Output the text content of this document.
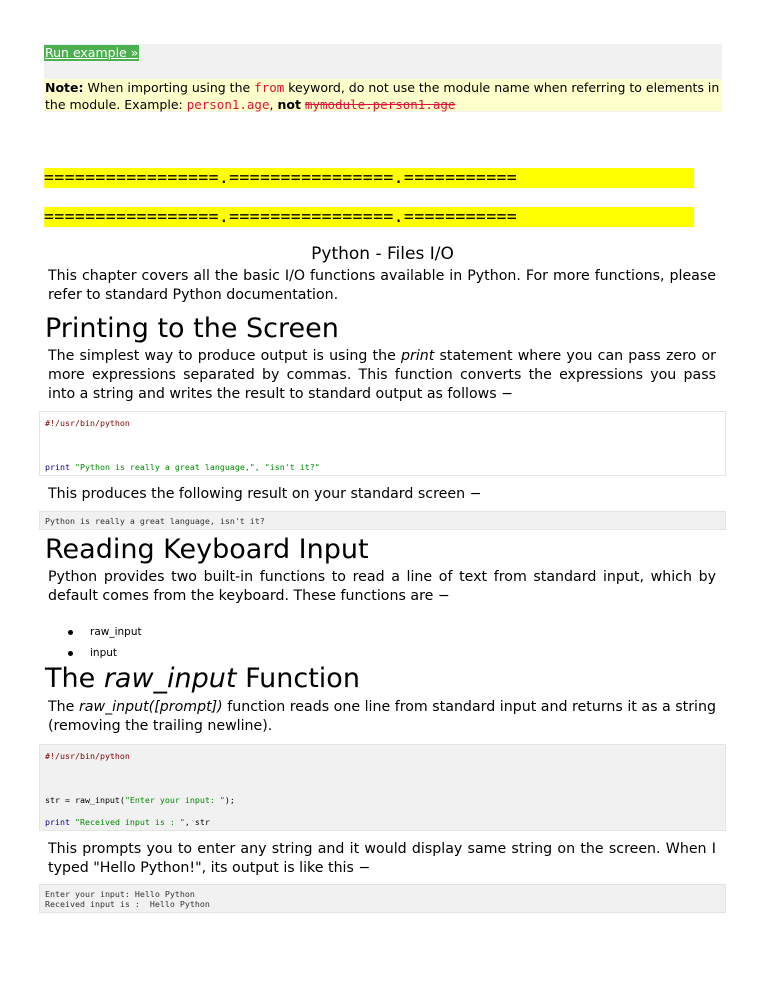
Run example »
Note: When importing using the from keyword, do not use the module name when referring to elements in the module. Example: person1.age, not mymodule.person1.age
=================.================.===========
=================.================.===========
Python - Files I/O
This chapter covers all the basic I/O functions available in Python. For more functions, please refer to standard Python documentation.
Printing to the Screen
The simplest way to produce output is using the print statement where you can pass zero or more expressions separated by commas. This function converts the expressions you pass into a string and writes the result to standard output as follows −
#!/usr/bin/python
print "Python is really a great language,", "isn't it?"
This produces the following result on your standard screen −
Python is really a great language, isn't it?
Reading Keyboard Input
Python provides two built-in functions to read a line of text from standard input, which by default comes from the keyboard. These functions are −
raw_input
input
The raw_input Function
The raw_input([prompt]) function reads one line from standard input and returns it as a string (removing the trailing newline).
#!/usr/bin/python
str = raw_input("Enter your input: ");
print "Received input is : ", str
This prompts you to enter any string and it would display same string on the screen. When I typed "Hello Python!", its output is like this −
Enter your input: Hello Python
Received input is :  Hello Python
